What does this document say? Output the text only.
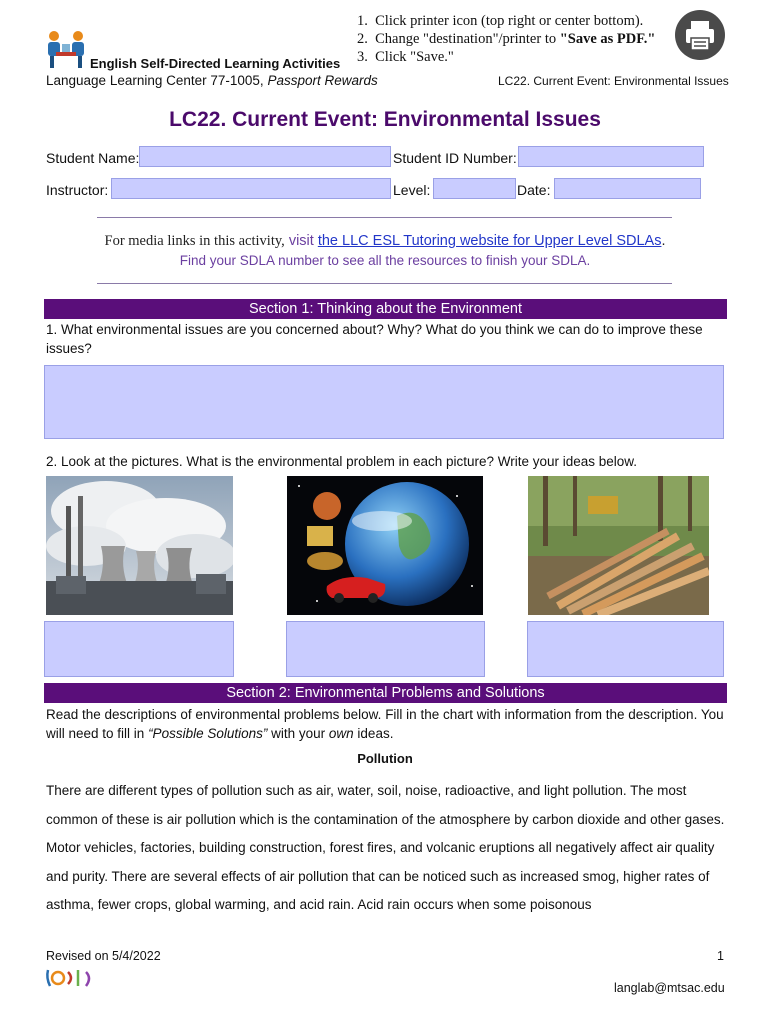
English Self-Directed Learning Activities
Language Learning Center 77-1005, Passport Rewards
1. Click printer icon (top right or center bottom).
2. Change "destination"/printer to "Save as PDF."
3. Click "Save."
LC22. Current Event: Environmental Issues
LC22. Current Event: Environmental Issues
Student Name:	Student ID Number:
Instructor:	Level:	Date:
For media links in this activity, visit the LLC ESL Tutoring website for Upper Level SDLAs.
Find your SDLA number to see all the resources to finish your SDLA.
Section 1: Thinking about the Environment
1. What environmental issues are you concerned about? Why? What do you think we can do to improve these issues?
2. Look at the pictures. What is the environmental problem in each picture? Write your ideas below.
Section 2: Environmental Problems and Solutions
Read the descriptions of environmental problems below. Fill in the chart with information from the description. You will need to fill in “Possible Solutions” with your own ideas.
Pollution
There are different types of pollution such as air, water, soil, noise, radioactive, and light pollution. The most common of these is air pollution which is the contamination of the atmosphere by carbon dioxide and other gases. Motor vehicles, factories, building construction, forest fires, and volcanic eruptions all negatively affect air quality and purity. There are several effects of air pollution that can be noticed such as increased smog, higher rates of asthma, fewer crops, global warming, and acid rain. Acid rain occurs when some poisonous
Revised on 5/4/2022	1
langlab@mtsac.edu
